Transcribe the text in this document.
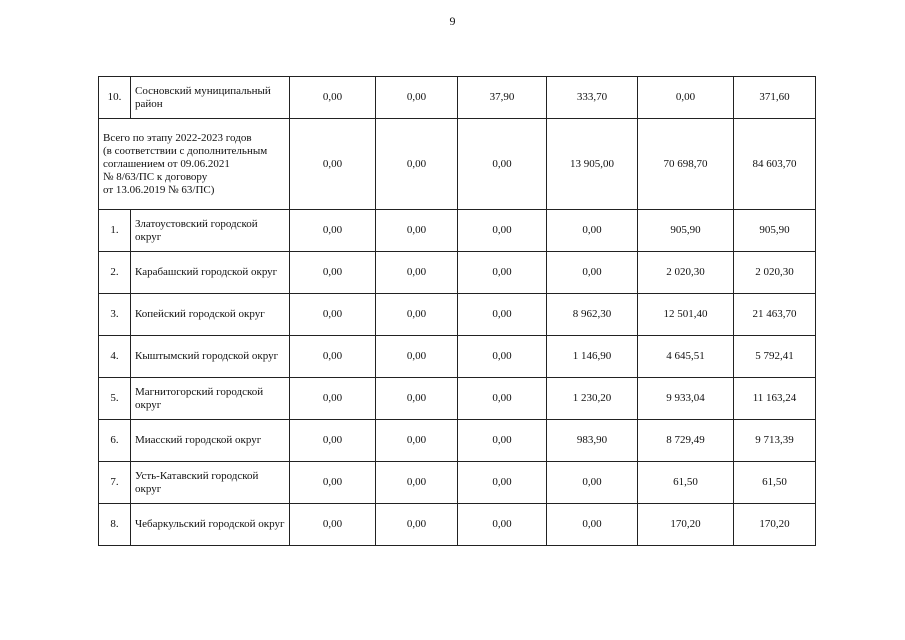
9
10.	Сосновский муниципальный район	0,00	0,00	37,90	333,70	0,00	371,60

Всего по этапу 2022-2023 годов
(в соответствии с дополнительным
соглашением от 09.06.2021
№ 8/63/ПС к договору
от 13.06.2019 № 63/ПС)		0,00	0,00	0,00	13 905,00	70 698,70	84 603,70
1.	Златоустовский городской округ	0,00	0,00	0,00	0,00	905,90	905,90
2.	Карабашский городской округ	0,00	0,00	0,00	0,00	2 020,30	2 020,30
3.	Копейский городской округ	0,00	0,00	0,00	8 962,30	12 501,40	21 463,70
4.	Кыштымский городской округ	0,00	0,00	0,00	1 146,90	4 645,51	5 792,41
5.	Магнитогорский городской округ	0,00	0,00	0,00	1 230,20	9 933,04	11 163,24
6.	Миасский городской округ	0,00	0,00	0,00	983,90	8 729,49	9 713,39
7.	Усть-Катавский городской округ	0,00	0,00	0,00	0,00	61,50	61,50
8.	Чебаркульский городской округ	0,00	0,00	0,00	0,00	170,20	170,20
